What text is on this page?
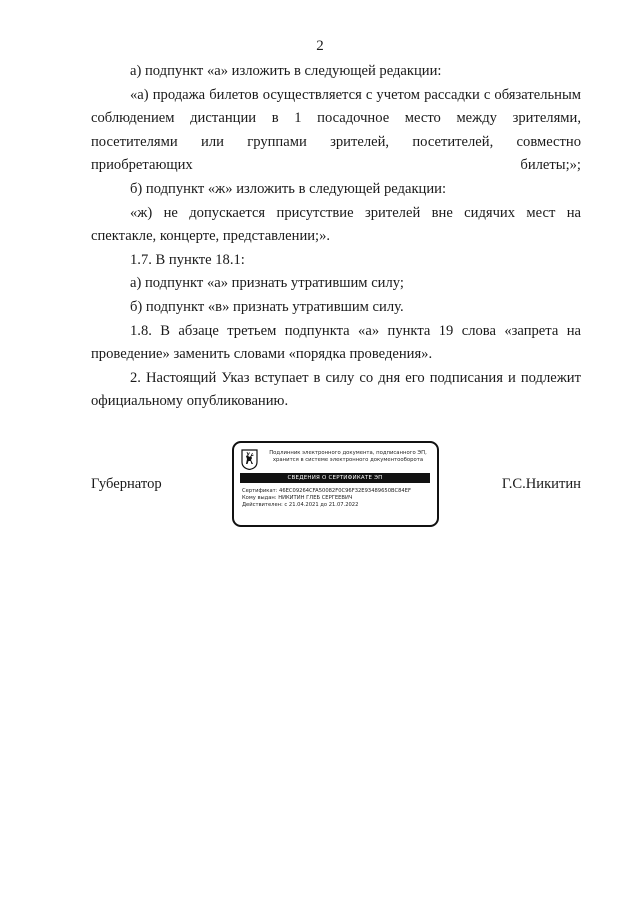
2

а) подпункт «а» изложить в следующей редакции:

«а) продажа билетов осуществляется с учетом рассадки с обязательным соблюдением дистанции в 1 посадочное место между зрителями, посетителями или группами зрителей, посетителей, совместно приобретающих билеты;»;

б) подпункт «ж» изложить в следующей редакции:

«ж) не допускается присутствие зрителей вне сидячих мест на спектакле, концерте, представлении;».

1.7. В пункте 18.1:

а) подпункт «а» признать утратившим силу;

б) подпункт «в» признать утратившим силу.

1.8. В абзаце третьем подпункта «а» пункта 19 слова «запрета на проведение» заменить словами «порядка проведения».

2. Настоящий Указ вступает в силу со дня его подписания и подлежит официальному опубликованию.

Губернатор
Подлинник электронного документа, подписанного ЭП,
хранится в системе электронного документооборота
СВЕДЕНИЯ О СЕРТИФИКАТЕ ЭП
Сертификат: 46EC09264CFA50082F0C96F32E93489650BC84EF
Кому выдан: НИКИТИН ГЛЕБ СЕРГЕЕВИЧ
Действителен: с 21.04.2021 до 21.07.2022
Г.С.Никитин
